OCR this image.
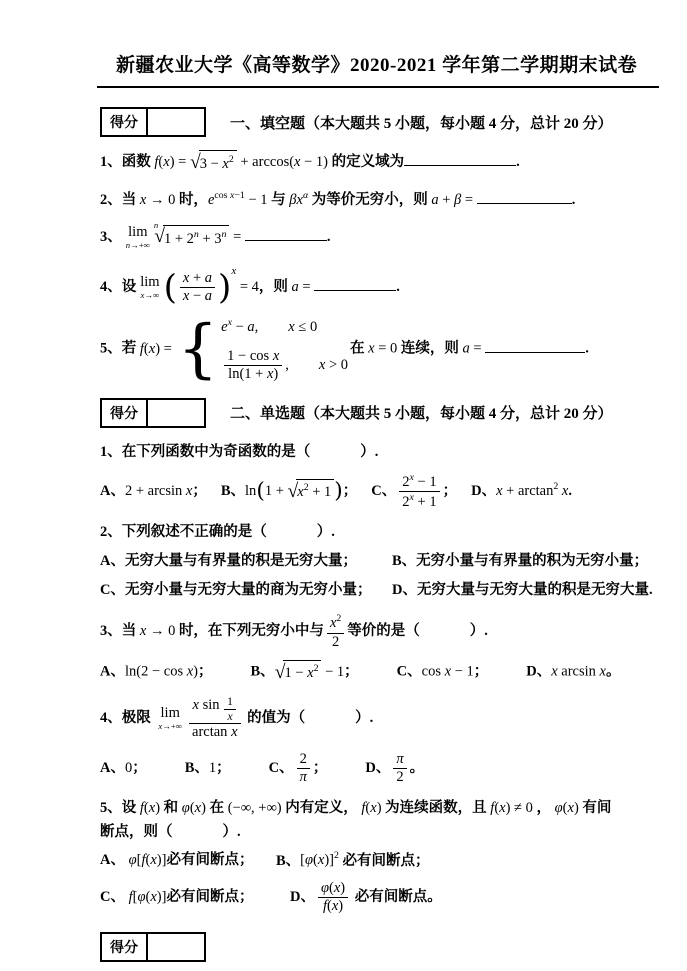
新疆农业大学《高等数学》2020-2021 学年第二学期期末试卷
得分	一、填空题（本大题共 5 小题，每小题 4 分，总计 20 分）
1、函数 f(x) = √ $3 - x^2 + \arccos(x - 1)$ 的定义域为	.
2、当 x → 0 时，$e^{cos x-1} - 1$ 与 $\beta x^\alpha$ 为等价无穷小，则 a + β =	.
3、 lim
n→+∞
$^n$
√ $1 + 2^n + 3^n$ =	.
4、设 lim
x→∞ ( $\frac{x + a}{x - a} )^x = 4$，则 a =	.
5、若 f(x) = { $e^x - a$, x ≤ 0
$\frac{\text{1 − cos x}}{\ln(1 + x)}$ , x > 0
在 x = 0 连续，则 a =	.
得分	二、单选题（本大题共 5 小题，每小题 4 分，总计 20 分）
1、在下列函数中为奇函数的是（	）.
A、2 + arcsin x； B、ln(1 + √ $x^2 + 1$ )； C、 $\frac{2^x - 1}{2^x + 1}$ ； D、$x + \arctan^2 x$.
2、下列叙述不正确的是（	）.
A、无穷大量与有界量的积是无穷大量； B、无穷小量与有界量的积为无穷小量；
C、无穷小量与无穷大量的商为无穷小量； D、无穷大量与无穷大量的积是无穷大量.
3、当 x → 0 时，在下列无穷小中与 $\frac{x^2}{2}$ 等价的是（	）.
A、ln(2 − cos x)；	B、 √ $1 - x^2 - 1$；	C、cos x − 1；	D、x arcsin x。
4、极限 lim
$x\to+\infty \frac{x \sin \frac{1}{x}}{\text{arctan x}}$ 的值为（	）.
A、0；	B、1；	C、 $\frac{2}{\pi}$ ；	D、 $\frac{\pi}{2}$ 。
5、设 f(x) 和 φ(x) 在 (−∞, +∞) 内有定义， f(x) 为连续函数，且 f(x) ≠ 0 ， φ(x) 有间
断点，则（	）.
A、 φ[f(x)]必有间断点； B、$[\varphi(x)]^2$ 必有间断点；
C、 f[φ(x)]必有间断点；	D、 $\frac{\varphi(x)}{f(x)}$ 必有间断点。
得分
